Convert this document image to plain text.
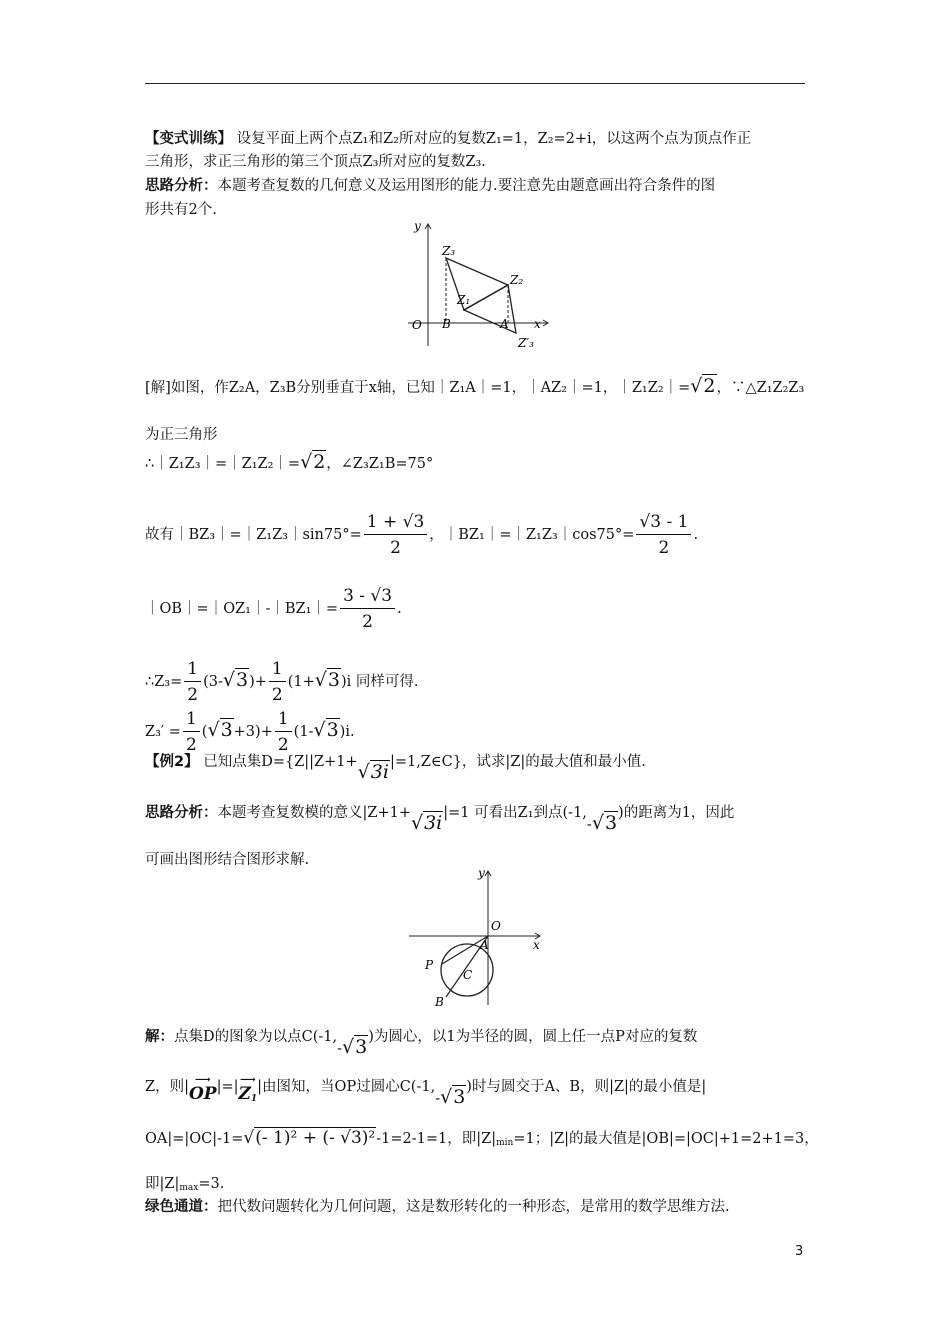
【变式训练】 设复平面上两个点Z₁和Z₂所对应的复数Z₁=1，Z₂=2+i，以这两个点为顶点作正
三角形，求正三角形的第三个顶点Z₃所对应的复数Z₃.
思路分析：本题考查复数的几何意义及运用图形的能力.要注意先由题意画出符合条件的图
形共有2个.
y
x
O
Z₃
Z₂
Z₁
B	A
Z′₃
[解]如图，作Z₂A，Z₃B分别垂直于x轴，已知｜Z₁A｜=1，｜AZ₂｜=1，｜Z₁Z₂｜=√2，∵△Z₁Z₂Z₃
为正三角形
∴｜Z₁Z₃｜=｜Z₁Z₂｜=√2，∠Z₃Z₁B=75°
故有｜BZ₃｜=｜Z₁Z₃｜sin75°= $\frac{1 + √3}{2}$ ，｜BZ₁｜=｜Z₁Z₃｜cos75°= $\frac{√3 - 1}{2}$ .
｜OB｜=｜OZ₁｜-｜BZ₁｜= $\frac{3 - √3}{2}$ .
∴Z₃= $\frac{1}{2} (3-√3)+ \frac{1}{2} (1+√3)i$ 同样可得.
$Z_3' = \frac{1}{2} (√3+3)+ \frac{1}{2} (1-√3)i$.
【例2】 已知点集D={Z||Z+1+√3i|=1,Z∈C}，试求|Z|的最大值和最小值.
思路分析：本题考查复数模的意义|Z+1+√3i|=1 可看出Z₁到点(-1,-√3)的距离为1，因此
可画出图形结合图形求解.
y
x
O
A
P
C
B
解：点集D的图象为以点C(-1,-√3)为圆心，以1为半径的圆，圆上任一点P对应的复数
Z，则| ⟶
OP|=| ⟶
$Z_1|$由图知，当OP过圆心C(-1,-√3)时与圆交于A、B，则|Z|的最小值是|
OA|=|OC|-1=√(- 1)² + (- √3)²-1=2-1=1，即$|Z|_{min}=1$；|Z|的最大值是|OB|=|OC|+1=2+1=3，
即$|Z|_{max}=3$.
绿色通道：把代数问题转化为几何问题，这是数形转化的一种形态，是常用的数学思维方法.
3
